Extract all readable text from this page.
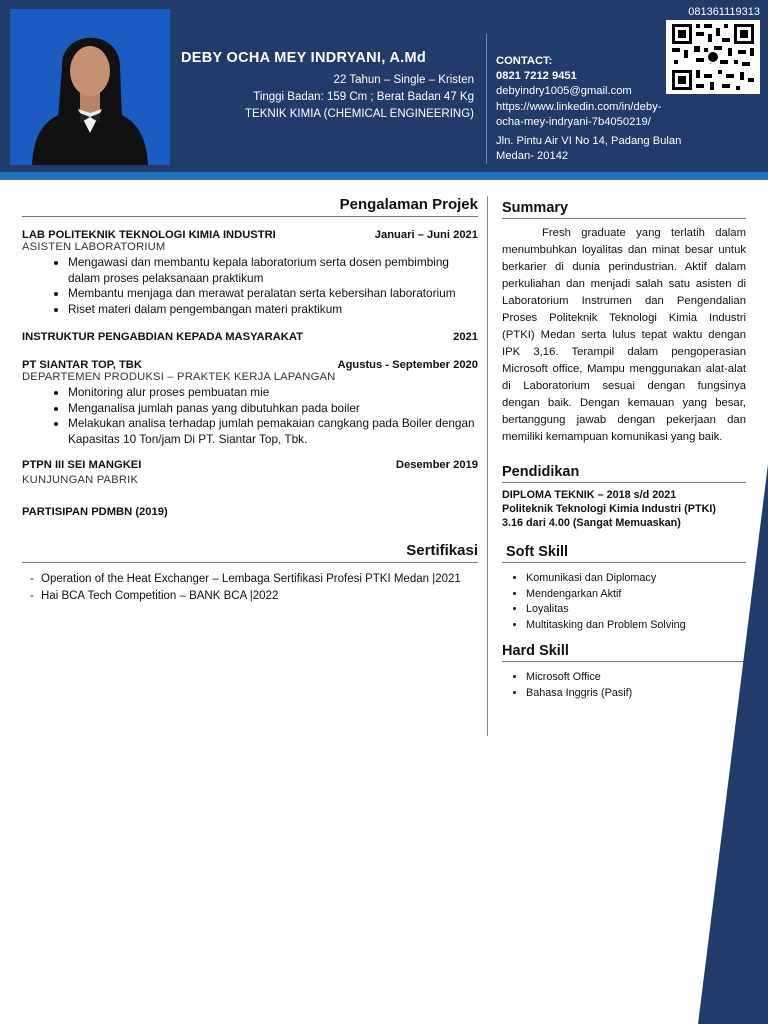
DEBY OCHA MEY INDRYANI, A.Md
22 Tahun – Single – Kristen
Tinggi Badan: 159 Cm ; Berat Badan 47 Kg
TEKNIK KIMIA (CHEMICAL ENGINEERING)
CONTACT:
0821 7212 9451
debyindry1005@gmail.com
https://www.linkedin.com/in/deby-
ocha-mey-indryani-7b4050219/
Jln. Pintu Air VI No 14, Padang Bulan
Medan- 20142
081361119313
Pengalaman Projek
LAB POLITEKNIK TEKNOLOGI KIMIA INDUSTRI	Januari – Juni 2021
ASISTEN LABORATORIUM
• Mengawasi dan membantu kepala laboratorium serta dosen pembimbing dalam proses pelaksanaan praktikum
• Membantu menjaga dan merawat peralatan serta kebersihan laboratorium
• Riset materi dalam pengembangan materi praktikum
INSTRUKTUR PENGABDIAN KEPADA MASYARAKAT	2021
PT SIANTAR TOP, TBK	Agustus - September 2020
DEPARTEMEN PRODUKSI – PRAKTEK KERJA LAPANGAN
• Monitoring alur proses pembuatan mie
• Menganalisa jumlah panas yang dibutuhkan pada boiler
• Melakukan analisa terhadap jumlah pemakaian cangkang pada Boiler dengan Kapasitas 10 Ton/jam Di PT. Siantar Top, Tbk.
PTPN III SEI MANGKEI	Desember 2019
KUNJUNGAN PABRIK
PARTISIPAN PDMBN (2019)
Sertifikasi
- Operation of the Heat Exchanger – Lembaga Sertifikasi Profesi PTKI Medan |2021
- Hai BCA Tech Competition – BANK BCA |2022
Summary
Fresh graduate yang terlatih dalam menumbuhkan loyalitas dan minat besar untuk berkarier di dunia perindustrian. Aktif dalam perkuliahan dan menjadi salah satu asisten di Laboratorium Instrumen dan Pengendalian Proses Politeknik Teknologi Kimia Industri (PTKI) Medan serta lulus tepat waktu dengan IPK 3,16. Terampil dalam pengoperasian Microsoft office, Mampu menggunakan alat-alat di Laboratorium sesuai dengan fungsinya dengan baik. Dengan kemauan yang besar, bertanggung jawab dengan pekerjaan dan memiliki kemampuan komunikasi yang baik.
Pendidikan
DIPLOMA TEKNIK – 2018 s/d 2021
Politeknik Teknologi Kimia Industri (PTKI)
3.16 dari 4.00 (Sangat Memuaskan)
Soft Skill
• Komunikasi dan Diplomacy
• Mendengarkan Aktif
• Loyalitas
• Multitasking dan Problem Solving
Hard Skill
• Microsoft Office
• Bahasa Inggris (Pasif)
